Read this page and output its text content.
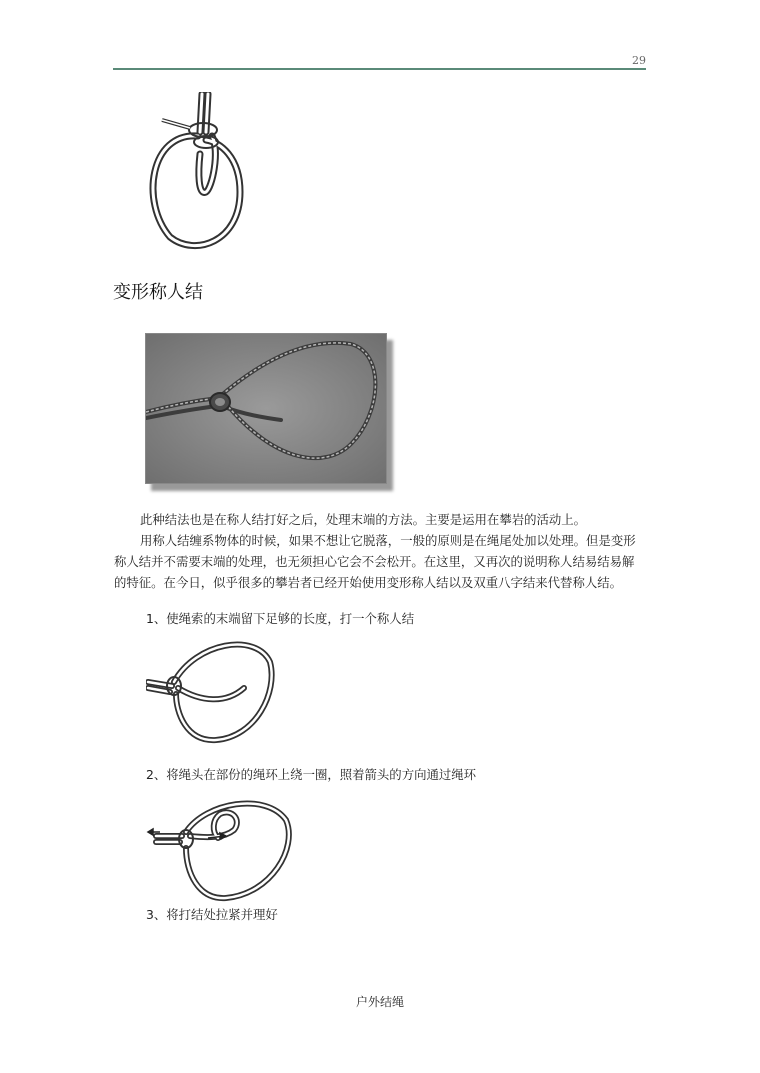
29
变形称人结

此种结法也是在称人结打好之后，处理末端的方法。主要是运用在攀岩的活动上。

用称人结缠系物体的时候，如果不想让它脱落，一般的原则是在绳尾处加以处理。但是变形称人结并不需要末端的处理，也无须担心它会不会松开。在这里，又再次的说明称人结易结易解的特征。在今日，似乎很多的攀岩者已经开始使用变形称人结以及双重八字结来代替称人结。

1、使绳索的末端留下足够的长度，打一个称人结

2、将绳头在部份的绳环上绕一圈，照着箭头的方向通过绳环

3、将打结处拉紧并理好

户外结绳
